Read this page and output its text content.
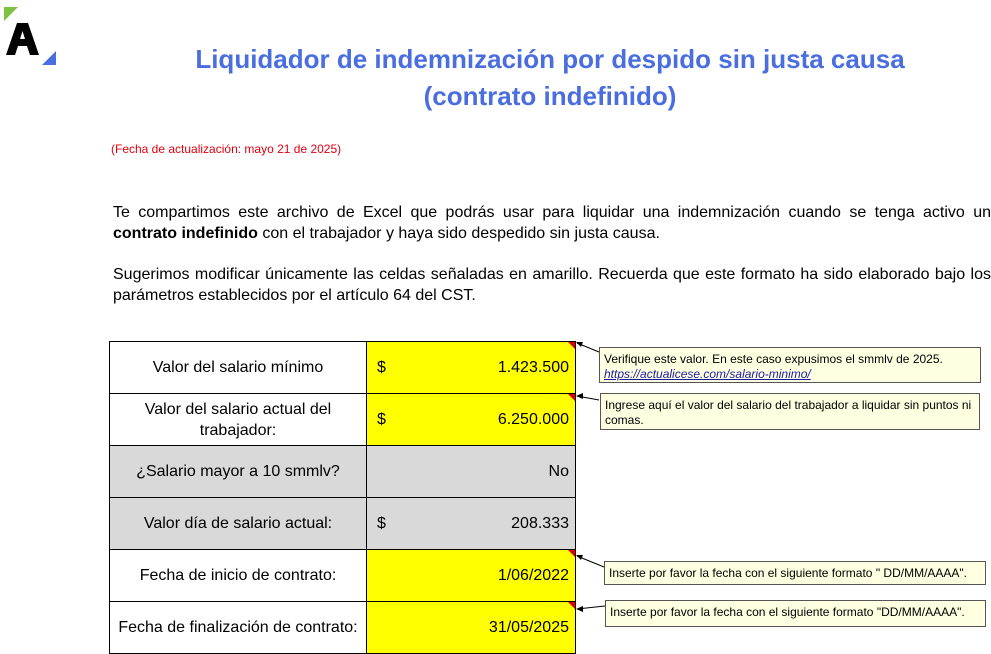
Liquidador de indemnización por despido sin justa causa
(contrato indefinido)
(Fecha de actualización: mayo 21 de 2025)
Te compartimos este archivo de Excel que podrás usar para liquidar una indemnización cuando se tenga activo un contrato indefinido con el trabajador y haya sido despedido sin justa causa.
Sugerimos modificar únicamente las celdas señaladas en amarillo. Recuerda que este formato ha sido elaborado bajo los parámetros establecidos por el artículo 64 del CST.
Valor del salario mínimo	$ 1.423.500

Valor del salario actual del trabajador:	$ 6.250.000

¿Salario mayor a 10 smmlv?	No

Valor día de salario actual:	$ 208.333

Fecha de inicio de contrato:	1/06/2022

Fecha de finalización de contrato:	31/05/2025
Verifique este valor. En este caso expusimos el smmlv de 2025.
https://actualicese.com/salario-minimo/
Ingrese aquí el valor del salario del trabajador a liquidar sin puntos ni comas.
Inserte por favor la fecha con el siguiente formato " DD/MM/AAAA".
Inserte por favor la fecha con el siguiente formato "DD/MM/AAAA".
